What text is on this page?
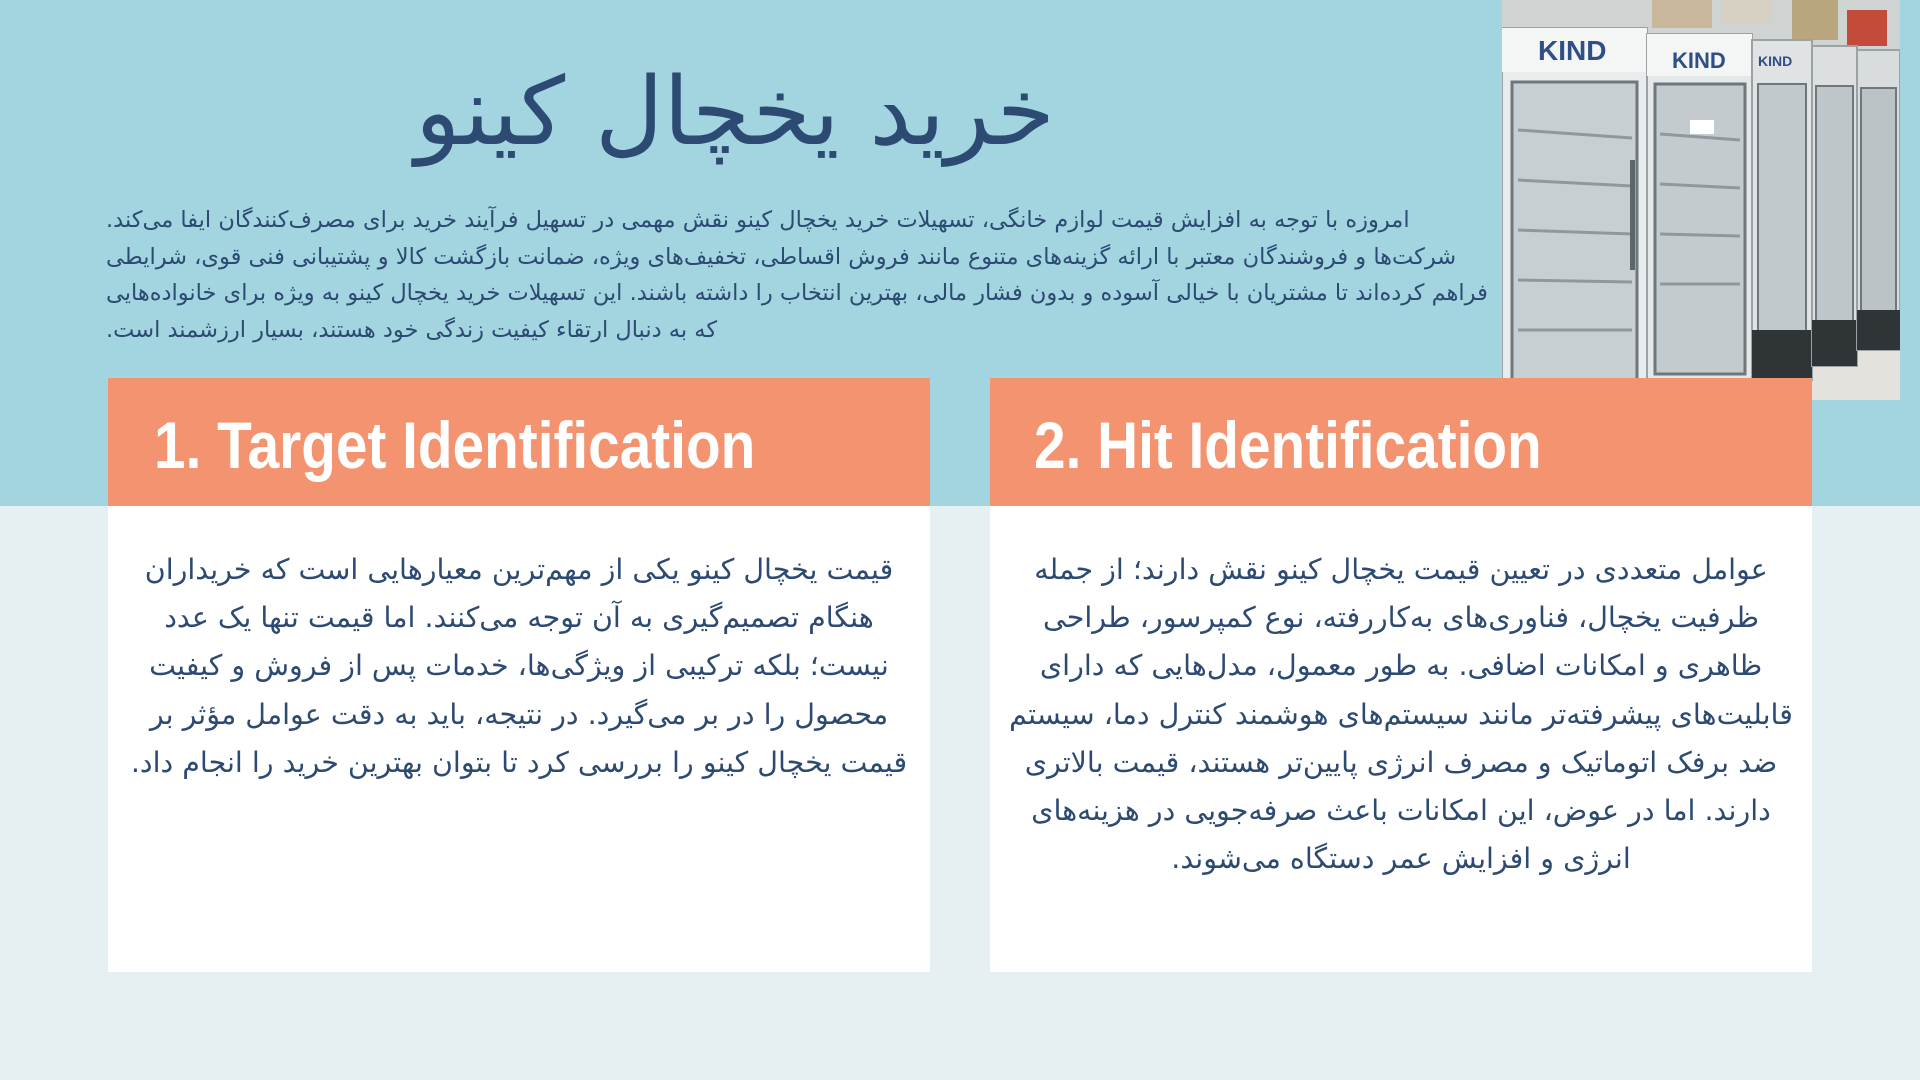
خرید یخچال کینو

امروزه با توجه به افزایش قیمت لوازم خانگی، تسهیلات خرید یخچال کینو نقش مهمی در تسهیل فرآیند خرید برای مصرف‌کنندگان ایفا می‌کند. شرکت‌ها و فروشندگان معتبر با ارائه گزینه‌های متنوع مانند فروش اقساطی، تخفیف‌های ویژه، ضمانت بازگشت کالا و پشتیبانی فنی قوی، شرایطی فراهم کرده‌اند تا مشتریان با خیالی آسوده و بدون فشار مالی، بهترین انتخاب را داشته باشند. این تسهیلات خرید یخچال کینو به ویژه برای خانواده‌هایی که به دنبال ارتقاء کیفیت زندگی خود هستند، بسیار ارزشمند است.

KIND	KIND KIND
1. Target Identification

قیمت یخچال کینو یکی از مهم‌ترین معیارهایی است که خریداران هنگام تصمیم‌گیری به آن توجه می‌کنند. اما قیمت تنها یک عدد نیست؛ بلکه ترکیبی از ویژگی‌ها، خدمات پس از فروش و کیفیت محصول را در بر می‌گیرد. در نتیجه، باید به دقت عوامل مؤثر بر قیمت یخچال کینو را بررسی کرد تا بتوان بهترین خرید را انجام داد.

2. Hit Identification

عوامل متعددی در تعیین قیمت یخچال کینو نقش دارند؛ از جمله ظرفیت یخچال، فناوری‌های به‌کاررفته، نوع کمپرسور، طراحی ظاهری و امکانات اضافی. به طور معمول، مدل‌هایی که دارای قابلیت‌های پیشرفته‌تر مانند سیستم‌های هوشمند کنترل دما، سیستم ضد برفک اتوماتیک و مصرف انرژی پایین‌تر هستند، قیمت بالاتری دارند. اما در عوض، این امکانات باعث صرفه‌جویی در هزینه‌های انرژی و افزایش عمر دستگاه می‌شوند.
